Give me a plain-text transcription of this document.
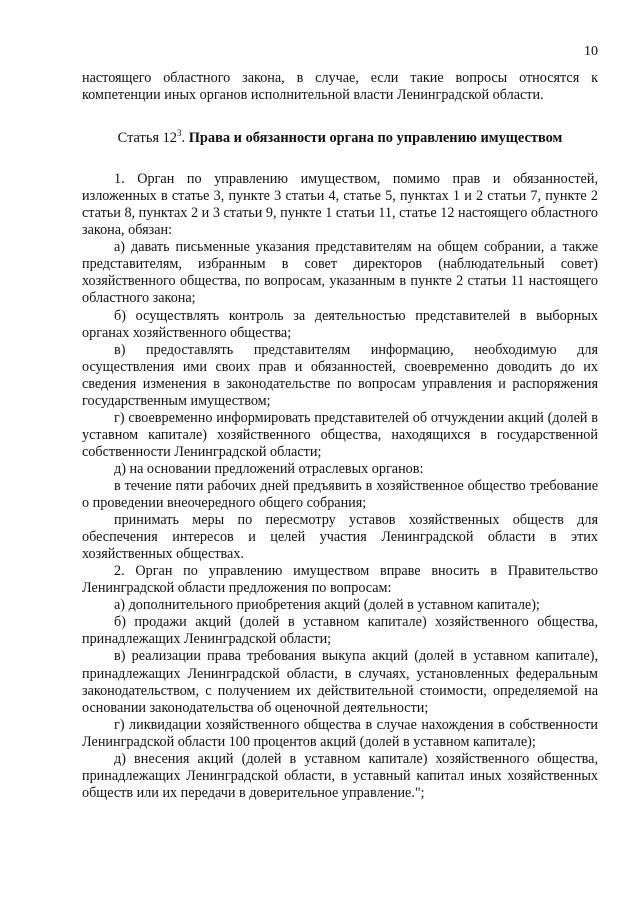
10

настоящего областного закона, в случае, если такие вопросы относятся к компетенции иных органов исполнительной власти Ленинградской области.

Статья $12^3$. Права и обязанности органа по управлению имуществом

1. Орган по управлению имуществом, помимо прав и обязанностей, изложенных в статье 3, пункте 3 статьи 4, статье 5, пунктах 1 и 2 статьи 7, пункте 2 статьи 8, пунктах 2 и 3 статьи 9, пункте 1 статьи 11, статье 12 настоящего областного закона, обязан:

а) давать письменные указания представителям на общем собрании, а также представителям, избранным в совет директоров (наблюдательный совет) хозяйственного общества, по вопросам, указанным в пункте 2 статьи 11 настоящего областного закона;

б) осуществлять контроль за деятельностью представителей в выборных органах хозяйственного общества;

в) предоставлять представителям информацию, необходимую для осуществления ими своих прав и обязанностей, своевременно доводить до их сведения изменения в законодательстве по вопросам управления и распоряжения государственным имуществом;

г) своевременно информировать представителей об отчуждении акций (долей в уставном капитале) хозяйственного общества, находящихся в государственной собственности Ленинградской области;

д) на основании предложений отраслевых органов:

в течение пяти рабочих дней предъявить в хозяйственное общество требование о проведении внеочередного общего собрания;

принимать меры по пересмотру уставов хозяйственных обществ для обеспечения интересов и целей участия Ленинградской области в этих хозяйственных обществах.

2. Орган по управлению имуществом вправе вносить в Правительство Ленинградской области предложения по вопросам:

а) дополнительного приобретения акций (долей в уставном капитале);

б) продажи акций (долей в уставном капитале) хозяйственного общества, принадлежащих Ленинградской области;

в) реализации права требования выкупа акций (долей в уставном капитале), принадлежащих Ленинградской области, в случаях, установленных федеральным законодательством, с получением их действительной стоимости, определяемой на основании законодательства об оценочной деятельности;

г) ликвидации хозяйственного общества в случае нахождения в собственности Ленинградской области 100 процентов акций (долей в уставном капитале);

д) внесения акций (долей в уставном капитале) хозяйственного общества, принадлежащих Ленинградской области, в уставный капитал иных хозяйственных обществ или их передачи в доверительное управление.";
